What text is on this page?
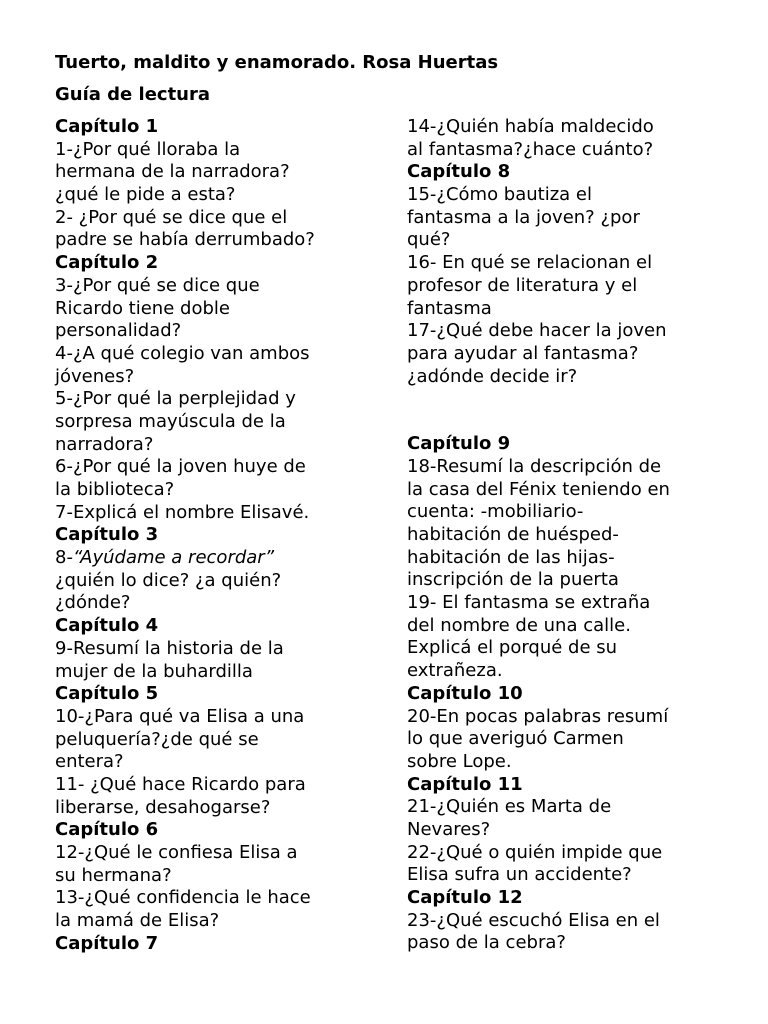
Tuerto, maldito y enamorado. Rosa Huertas
Guía de lectura
Capítulo 1
1-¿Por qué lloraba la
hermana de la narradora?
¿qué le pide a esta?
2- ¿Por qué se dice que el
padre se había derrumbado?
Capítulo 2
3-¿Por qué se dice que
Ricardo tiene doble
personalidad?
4-¿A qué colegio van ambos
jóvenes?
5-¿Por qué la perplejidad y
sorpresa mayúscula de la
narradora?
6-¿Por qué la joven huye de
la biblioteca?
7-Explicá el nombre Elisavé.
Capítulo 3
8-“Ayúdame a recordar”
¿quién lo dice? ¿a quién?
¿dónde?
Capítulo 4
9-Resumí la historia de la
mujer de la buhardilla
Capítulo 5
10-¿Para qué va Elisa a una
peluquería?¿de qué se
entera?
11- ¿Qué hace Ricardo para
liberarse, desahogarse?
Capítulo 6
12-¿Qué le confiesa Elisa a
su hermana?
13-¿Qué confidencia le hace
la mamá de Elisa?
Capítulo 7
14-¿Quién había maldecido
al fantasma?¿hace cuánto?
Capítulo 8
15-¿Cómo bautiza el
fantasma a la joven? ¿por
qué?
16- En qué se relacionan el
profesor de literatura y el
fantasma
17-¿Qué debe hacer la joven
para ayudar al fantasma?
¿adónde decide ir?
Capítulo 9
18-Resumí la descripción de
la casa del Fénix teniendo en
cuenta: -mobiliario-
habitación de huésped-
habitación de las hijas-
inscripción de la puerta
19- El fantasma se extraña
del nombre de una calle.
Explicá el porqué de su
extrañeza.
Capítulo 10
20-En pocas palabras resumí
lo que averiguó Carmen
sobre Lope.
Capítulo 11
21-¿Quién es Marta de
Nevares?
22-¿Qué o quién impide que
Elisa sufra un accidente?
Capítulo 12
23-¿Qué escuchó Elisa en el
paso de la cebra?
